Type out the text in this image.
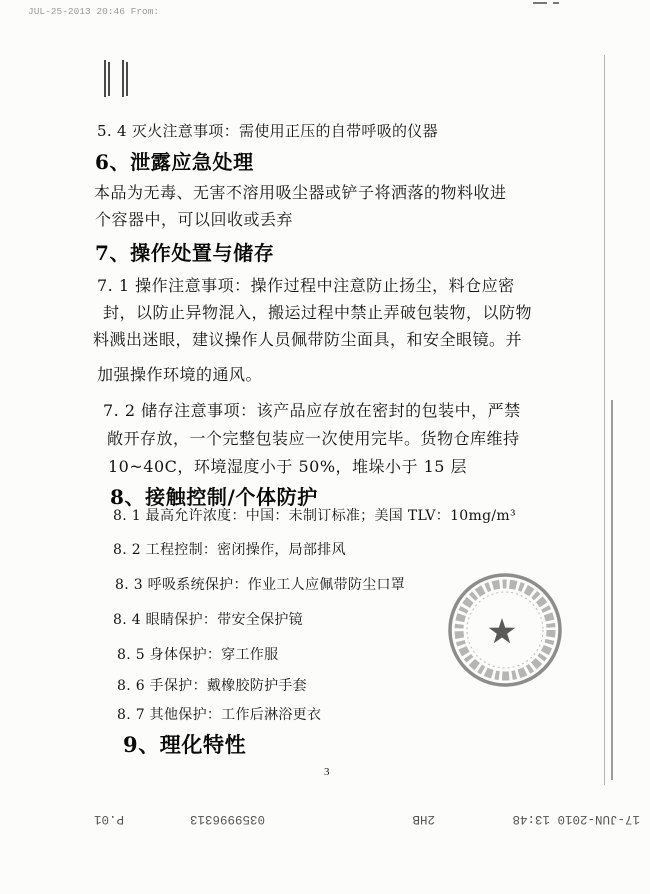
JUL-25-2013 20:46 From:
5. 4 灭火注意事项：需使用正压的自带呼吸的仪器
6、泄露应急处理
本品为无毒、无害不溶用吸尘器或铲子将洒落的物料收进
个容器中，可以回收或丢弃
7、操作处置与储存
7. 1 操作注意事项：操作过程中注意防止扬尘，料仓应密
封，以防止异物混入，搬运过程中禁止弄破包装物，以防物
料溅出迷眼，建议操作人员佩带防尘面具，和安全眼镜。并
加强操作环境的通风。
7. 2 储存注意事项：该产品应存放在密封的包装中，严禁
敞开存放，一个完整包装应一次使用完毕。货物仓库维持
10~40C，环境湿度小于 50%，堆垛小于 15 层
8、接触控制/个体防护
8. 1 最高允许浓度：中国：未制订标准；美国 TLV：10mg/m³
8. 2 工程控制：密闭操作，局部排风
8. 3 呼吸系统保护：作业工人应佩带防尘口罩
8. 4 眼睛保护：带安全保护镜
8. 5 身体保护：穿工作服
8. 6 手保护：戴橡胶防护手套
8. 7 其他保护：工作后淋浴更衣
9、理化特性
3
17-JUN-2010 13:48
2HB
0359996313
P.01
